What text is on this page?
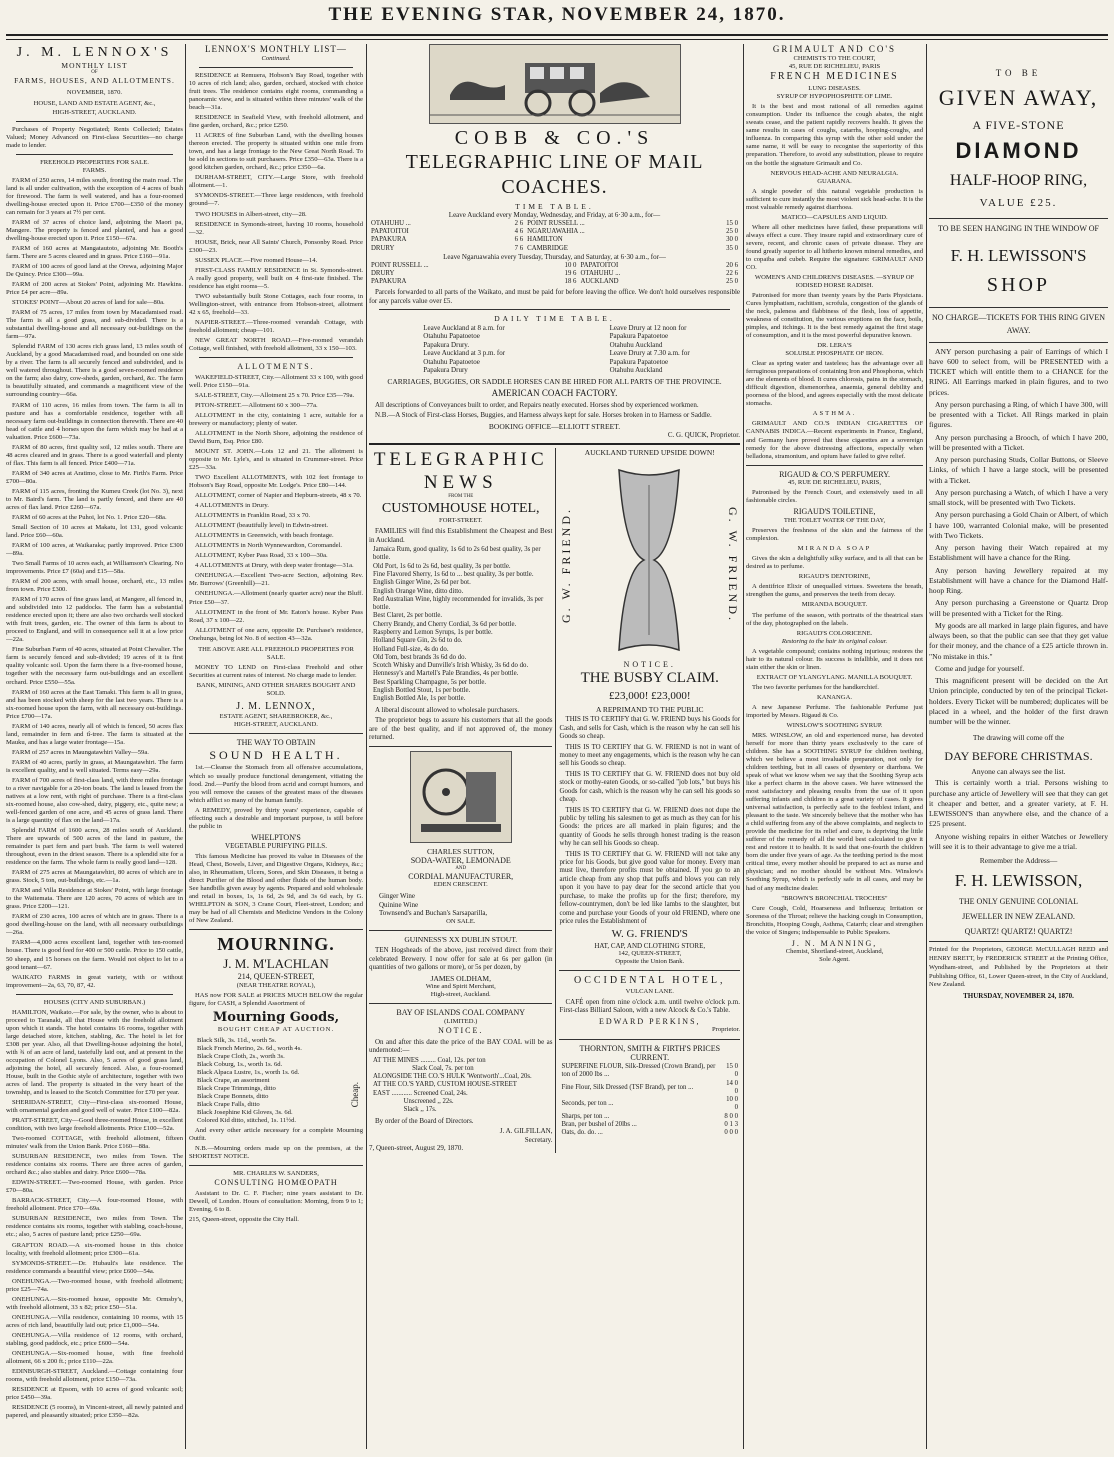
THE EVENING STAR, NOVEMBER 24, 1870.
J. M. LENNOX'S
MONTHLY LIST
OF
FARMS, HOUSES, AND ALLOTMENTS.
NOVEMBER, 1870.
HOUSE, LAND AND ESTATE AGENT, &c.,
HIGH-STREET, AUCKLAND.
Purchases of Property Negotiated; Rents Collected; Estates Valued; Money Advanced on First-class Securities—no charge made to lender.
FREEHOLD PROPERTIES FOR SALE.
FARMS.
FARM of 250 acres, 14 miles south, fronting the main road. The land is all under cultivation, with the exception of 4 acres of bush for firewood. The farm is well watered, and has a four-roomed dwelling-house erected upon it. Price £700—£350 of the money can remain for 3 years at 7½ per cent.
FARM of 37 acres of choice land, adjoining the Maori pa, Mangere. The property is fenced and planted, and has a good dwelling-house erected upon it. Price £150—67a.
FARM of 160 acres at Mangatautoto, adjoining Mr. Booth's farm. There are 5 acres cleared and in grass. Price £160—91a.
FARM of 100 acres of good land at the Orewa, adjoining Major De Quincy. Price £300—99a.
FARM of 200 acres at Stokes' Point, adjoining Mr. Hawkins. Price £4 per acre—89a.
STOKES' POINT—About 20 acres of land for sale—80a.
FARM of 75 acres, 17 miles from town by Macadamised road. The farm is all a good grass, and sub-divided. There is a substantial dwelling-house and all necessary out-buildings on the farm—97a.
Splendid FARM of 130 acres rich grass land, 13 miles south of Auckland, by a good Macadamised road, and bounded on one side by a river. The farm is all securely fenced and subdivided, and is well watered throughout. There is a good seven-roomed residence on the farm; also dairy, cow-sheds, garden, orchard, &c. The farm is beautifully situated, and commands a magnificent view of the surrounding country—66a.
FARM of 110 acres, 16 miles from town. The farm is all in pasture and has a comfortable residence, together with all necessary farm out-buildings in connection therewith. There are 40 head of cattle and 4 horses upon the farm which may be had at a valuation. Price £600—73a.
FARM of 80 acres, first quality soil, 12 miles south. There are 48 acres cleared and in grass. There is a good waterfall and plenty of flax. This farm is all fenced. Price £400—71a.
FARM of 340 acres at Aratimo, close to Mr. Firth's Farm. Price £700—80a.
FARM of 115 acres, fronting the Kumeu Creek (lot No. 3), next to Mr. Baird's farm. The land is partly fenced, and there are 40 acres of flax land. Price £260—67a.
FARM of 60 acres at the Puhoi, lot No. 1. Price £20—68a.
Small Section of 10 acres at Makatu, lot 131, good volcanic land. Price £60—60a.
FARM of 100 acres, at Waikaraka; partly improved. Price £300—89a.
Two Small Farms of 10 acres each, at Williamson's Clearing. No improvements. Price £7 (60a) and £15—58a.
FARM of 200 acres, with small house, orchard, etc., 13 miles from town. Price £300.
FARM of 170 acres of fine grass land, at Mangere, all fenced in, and subdivided into 12 paddocks. The farm has a substantial residence erected upon it; there are also two orchards well stocked with fruit trees, garden, etc. The owner of this farm is about to proceed to England, and will in consequence sell it at a low price—22a.
Fine Suburban Farm of 40 acres, situated at Point Chevalier. The farm is securely fenced and sub-divided; 19 acres of it is first quality volcanic soil. Upon the farm there is a five-roomed house, together with the necessary farm out-buildings and an excellent orchard. Price £550—55a.
FARM of 160 acres at the East Tamaki. This farm is all in grass, and has been stocked with sheep for the last two years. There is a six-roomed house upon the farm, with all necessary out-buildings. Price £700—17a.
FARM of 140 acres, nearly all of which is fenced, 50 acres flax land, remainder in fern and tî-tree. The farm is situated at the Mauku, and has a large water frontage—15a.
FARM of 257 acres in Maungatawhiri Valley—59a.
FARM of 40 acres, partly in grass, at Maungatawhiri. The farm is excellent quality, and is well situated. Terms easy—29a.
FARM of 700 acres of first-class land, with three miles frontage to a river navigable for a 20-ton boats. The land is leased from the natives at a low rent, with right of purchase. There is a first-class six-roomed house, also cow-shed, dairy, piggery, etc., quite new; a well-fenced garden of one acre, and 45 acres of grass land. There is a large quantity of flax on the land—17a.
Splendid FARM of 1600 acres, 28 miles south of Auckland. There are upwards of 500 acres of the land in pasture, the remainder is part fern and part bush. The farm is well watered throughout, even in the driest season. There is a splendid site for a residence on the farm. The whole farm is really good land—128.
FARM of 275 acres at Maungatawhiri, 80 acres of which are in grass. Stock, 5 ton, out-buildings, etc.—1a.
FARM and Villa Residence at Stokes' Point, with large frontage to the Waitemata. There are 120 acres, 70 acres of which are in grass. Price £200—121.
FARM of 230 acres, 100 acres of which are in grass. There is a good dwelling-house on the land, with all necessary outbuildings—26a.
FARM—4,000 acres excellent land, together with ten-roomed house. There is good feed for 400 or 500 cattle. Price to 150 cattle, 50 sheep, and 15 horses on the farm. Would not object to let to a good tenant—67.
WAIKATO FARMS in great variety, with or without improvement—2a, 63, 70, 87, 42.
HOUSES (CITY AND SUBURBAN.)
HAMILTON, Waikato.—For sale, by the owner, who is about to proceed to Taranaki, all that House with the freehold allotment upon which it stands. The hotel contains 16 rooms, together with large detached store, kitchen, stabling, &c. The hotel is let for £308 per year. Also, all that Dwelling-house adjoining the hotel, with ¾ of an acre of land, tastefully laid out, and at present in the occupation of Colonel Lyons. Also, 5 acres of good grass land, adjoining the hotel, all securely fenced. Also, a four-roomed House, built in the Gothic style of architecture, together with two acres of land. The property is situated in the very heart of the township, and is leased to the Scotch Committee for £70 per year.
SHERIDAN-STREET, City—First-class six-roomed House, with ornamental garden and good well of water. Price £100—82a.
PRATT-STREET, City—Good three-roomed House, in excellent condition, with two large freehold allotments. Price £100—52a.
Two-roomed COTTAGE, with freehold allotment, fifteen minutes' walk from the Union Bank. Price £160—88a.
SUBURBAN RESIDENCE, two miles from Town. The residence contains six rooms. There are three acres of garden, orchard &c.; also stables and dairy. Price £600—78a.
EDWIN-STREET.—Two-roomed House, with garden. Price £70—80a.
BARRACK-STREET, City.—A four-roomed House, with freehold allotment. Price £70—69a.
SUBURBAN RESIDENCE, two miles from Town. The residence contains six rooms, together with stabling, coach-house, etc.; also, 5 acres of pasture land; price £250—69a.
GRAFTON ROAD.—A six-roomed house in this choice locality, with freehold allotment; price £300—61a.
SYMONDS-STREET.—Dr. Hubault's late residence. The residence commands a beautiful view; price £600—54a.
ONEHUNGA.—Two-roomed house, with freehold allotment; price £25—74a.
ONEHUNGA.—Six-roomed house, opposite Mr. Ormsby's, with freehold allotment, 33 x 82; price £50—51a.
ONEHUNGA.—Villa residence, containing 10 rooms, with 15 acres of rich land, beautifully laid out; price £1,000—54a.
ONEHUNGA.—Villa residence of 12 rooms, with orchard, stabling, good paddock, etc.; price £600—54a.
ONEHUNGA.—Six-roomed house, with fine freehold allotment, 66 x 200 ft.; price £110—22a.
EDINBURGH-STREET, Auckland.—Cottage containing four rooms, with freehold allotment, price £150—73a.
RESIDENCE at Epsom, with 10 acres of good volcanic soil; price £450—39a.
RESIDENCE (5 rooms), in Vincent-street, all newly painted and papered, and pleasantly situated; price £350—82a.
LENNOX'S MONTHLY LIST—
Continued.
RESIDENCE at Remuera, Hobson's Bay Road, together with 10 acres of rich land; also, garden, orchard, stocked with choice fruit trees. The residence contains eight rooms, commanding a panoramic view, and is situated within three minutes' walk of the beach—31a.
RESIDENCE in Seafield View, with freehold allotment, and fine garden, orchard, &c.; price £250.
11 ACRES of fine Suburban Land, with the dwelling houses thereon erected. The property is situated within one mile from town, and has a large frontage to the New Great North Road. To be sold in sections to suit purchasers. Price £350—63a. There is a good kitchen garden, orchard, &c.; price £350—6a.
DURHAM-STREET, CITY.—Large Store, with freehold allotment.—1.
SYMONDS-STREET.—Three large residences, with freehold ground—7.
TWO HOUSES in Albert-street, city—28.
RESIDENCE in Symonds-street, having 10 rooms, household—32.
HOUSE, Brick, near All Saints' Church, Ponsonby Road. Price £300—23.
SUSSEX PLACE.—Five roomed House—14.
FIRST-CLASS FAMILY RESIDENCE in St. Symonds-street. A really good property, well built on 4 first-rate finished. The residence has eight rooms—5.
TWO substantially built Stone Cottages, each four rooms, in Wellington-street, with entrance from Hobson-street, allotment 42 x 65, freehold—33.
NAPIER-STREET.—Three-roomed verandah Cottage, with freehold allotment; cheap—101.
NEW GREAT NORTH ROAD.—Five-roomed verandah Cottage, well finished, with freehold allotment, 33 x 150—103.
ALLOTMENTS.
WAKEFIELD-STREET, City.—Allotment 33 x 100, with good well. Price £150—91a.
SALE-STREET, City.—Allotment 25 x 70. Price £35—79a.
PITON-STREET.—Allotment 60 x 300—77a.
ALLOTMENT in the city, containing 1 acre, suitable for a brewery or manufactory; plenty of water.
ALLOTMENT in the North Shore, adjoining the residence of David Burn, Esq. Price £80.
MOUNT ST. JOHN.—Lots 12 and 21. The allotment is opposite to Mr. Lyle's, and is situated in Crummer-street. Price £25—33a.
TWO Excellent ALLOTMENTS, with 102 feet frontage to Hobson's Bay Road, opposite Mr. Lodge's. Price £80—144.
ALLOTMENT, corner of Napier and Hepburn-streets, 48 x 70.
4 ALLOTMENTS in Drury.
ALLOTMENTS in Franklin Road, 33 x 70.
ALLOTMENT (beautifully level) in Edwin-street.
ALLOTMENTS in Greenwich, with beach frontage.
ALLOTMENTS in North Wynnewardton, Coromandel.
ALLOTMENT, Kyber Pass Road, 33 x 100—30a.
4 ALLOTMENTS at Drury, with deep water frontage—31a.
ONEHUNGA.—Excellent Two-acre Section, adjoining Rev. Mr. Burrows' (Greenhill)—21.
ONEHUNGA.—Allotment (nearly quarter acre) near the Bluff. Price £50—37.
ALLOTMENT in the front of Mr. Eaton's house. Kyber Pass Road, 37 x 100—22.
ALLOTMENT of one acre, opposite Dr. Purchase's residence, Onehunga, being lot No. 8 of section 43—32a.
THE ABOVE ARE ALL FREEHOLD PROPERTIES FOR SALE.
MONEY TO LEND on First-class Freehold and other Securities at current rates of interest. No charge made to lender.
BANK, MINING, AND OTHER SHARES BOUGHT AND SOLD.
J. M. LENNOX,
ESTATE AGENT, SHAREBROKER, &c.,
HIGH-STREET, AUCKLAND.
THE WAY TO OBTAIN
SOUND HEALTH.
1st.—Cleanse the Stomach from all offensive accumulations, which so usually produce functional derangement, vitiating the food. 2nd.—Purify the blood from acrid and corrupt humors, and you will remove the causes of the greatest mass of the diseases which afflict so many of the human family.
A REMEDY, proved by thirty years' experience, capable of effecting such a desirable and important purpose, is still before the public in
WHELPTON'S
VEGETABLE PURIFYING PILLS.
This famous Medicine has proved its value in Diseases of the Head, Chest, Bowels, Liver, and Digestive Organs, Kidneys, &c.; also, in Rheumatism, Ulcers, Sores, and Skin Diseases, it being a direct Purifier of the Blood and other fluids of the human body. See handbills given away by agents. Prepared and sold wholesale and retail in boxes, 1s, 1s 6d, 2s 9d, and 3s 6d each, by G. WHELPTON & SON, 3 Crane Court, Fleet-street, London; and may be had of all Chemists and Medicine Vendors in the Colony of New Zealand.
MOURNING.
J. M. M'LACHLAN
214, QUEEN-STREET,
(NEAR THEATRE ROYAL),
HAS now FOR SALE at PRICES MUCH BELOW the regular figure, for CASH, a Splendid Assortment of
Mourning Goods,
BOUGHT CHEAP AT AUCTION.
Black Silk, 3s. 11d., worth 5s.
Black French Merino, 2s. 6d., worth 4s.
Black Crape Cloth, 2s., worth 3s.
Black Coburg, 1s., worth 1s. 6d.
Black Alpaca Lustre, 1s., worth 1s. 6d.
Black Crape, an assortment
Black Crape Trimmings, ditto
Black Crape Bonnets, ditto
Black Crape Falls, ditto
Black Josephine Kid Gloves, 3s. 6d.
Colored Kid ditto, stitched, 1s. 11½d.
Cheap.
And every other article necessary for a complete Mourning Outfit.
N.B.—Mourning orders made up on the premises, at the SHORTEST NOTICE.
MR. CHARLES W. SANDERS,
CONSULTING HOMŒOPATH
Assistant to Dr. C. F. Fischer; nine years assistant to Dr. Dewell, of London. Hours of consultation: Morning, from 9 to 1; Evening, 6 to 8.
215, Queen-street, opposite the City Hall.
COBB & CO.'S
TELEGRAPHIC LINE OF MAIL COACHES.
TIME TABLE.
Leave Auckland every Monday, Wednesday, and Friday, at 6·30 a.m., for—
OTAHUHU ...	2 6	POINT RUSSELL ...	15 0
PAPATOITOI	4 6	NGARUAWAHIA ...	25 0
PAPAKURA	6 6	HAMILTON	30 0
DRURY	7 6	CAMBRIDGE	35 0
Leave Ngaruawahia every Tuesday, Thursday, and Saturday, at 6·30 a.m., for—
POINT RUSSELL ...	10 0	PAPATOITOI	20 6
DRURY	19 6	OTAHUHU ...	22 6
PAPAKURA	18 6	AUCKLAND	25 0
Parcels forwarded to all parts of the Waikato, and must be paid for before leaving the office. We don't hold ourselves responsible for any parcels value over £5.
DAILY TIME TABLE.
Leave Auckland at 8 a.m. for
Otahuhu Papatoetoe
Papakura Drury.
Leave Auckland at 3 p.m. for
Otahuhu Papatoetoe
Papakura Drury
Leave Drury at 12 noon for
Papakura Papatoetoe
Otahuhu Auckland
Leave Drury at 7.30 a.m. for
Papakura Papatoetoe
Otahuhu Auckland
CARRIAGES, BUGGIES, OR SADDLE HORSES CAN BE HIRED FOR ALL PARTS OF THE PROVINCE.
AMERICAN COACH FACTORY.
All descriptions of Conveyances built to order, and Repairs neatly executed. Horses shod by experienced workmen.
N.B.—A Stock of First-class Horses, Buggies, and Harness always kept for sale. Horses broken in to Harness or Saddle.
BOOKING OFFICE—ELLIOTT STREET.
C. G. QUICK, Proprietor.
TELEGRAPHIC
NEWS
FROM THE
CUSTOMHOUSE HOTEL,
FORT-STREET.
FAMILIES will find this Establishment the Cheapest and Best in Auckland.
Jamaica Rum, good quality, 1s 6d to 2s 6d best quality, 3s per bottle.
Old Port, 1s 6d to 2s 6d, best quality, 3s per bottle.
Fine Flavored Sherry, 1s 6d to ... best quality, 3s per bottle.
English Ginger Wine, 2s 6d per bot.
English Orange Wine, ditto ditto.
Red Australian Wine, highly recommended for invalids, 3s per bottle.
Best Claret, 2s per bottle.
Cherry Brandy, and Cherry Cordial, 3s 6d per bottle.
Raspberry and Lemon Syrups, 1s per bottle.
Holland Square Gin, 2s 6d to do.
Holland Full-size, 4s do do.
Old Tom, best brands 3s 6d do do.
Scotch Whisky and Dunville's Irish Whisky, 3s 6d do do.
Hennessy's and Martell's Pale Brandies, 4s per bottle.
Best Sparkling Champagne, 5s per bottle.
English Bottled Stout, 1s per bottle.
English Bottled Ale, 1s per bottle.
A liberal discount allowed to wholesale purchasers.
The proprietor begs to assure his customers that all the goods are of the best quality, and if not approved of, the money returned.
CHARLES SUTTON,
SODA-WATER, LEMONADE
AND
CORDIAL MANUFACTURER,
EDEN CRESCENT.
Ginger Wine
Quinine Wine
Townsend's and Buchan's Sarsaparilla,
ON SALE.
GUINNESS'S XX DUBLIN STOUT.
TEN Hogsheads of the above, just received direct from their celebrated Brewery. I now offer for sale at 6s per gallon (in quantities of two gallons or more), or 5s per dozen, by
JAMES OLDHAM,
Wine and Spirit Merchant,
High-street, Auckland.
BAY OF ISLANDS COAL COMPANY
(LIMITED.)
NOTICE.
On and after this date the price of the BAY COAL will be as undernoted:—
AT THE MINES ......... Coal, 12s. per ton
Slack Coal, 7s. per ton
ALONGSIDE THE CO.'S HULK 'Wentworth'...Coal, 20s.
AT THE CO.'S YARD, CUSTOM HOUSE-STREET
EAST ............ Screened Coal, 24s.
Unscreened ,, 22s.
Slack ,, 17s.
By order of the Board of Directors.
J. A. GILFILLAN,
Secretary.
7, Queen-street, August 29, 1870.
AUCKLAND TURNED UPSIDE DOWN!
G. W. FRIEND.	G. W. FRIEND.
NOTICE.
THE BUSBY CLAIM.
£23,000! £23,000!
A REPRIMAND TO THE PUBLIC
THIS IS TO CERTIFY that G. W. FRIEND buys his Goods for Cash, and sells for Cash, which is the reason why he can sell his Goods so cheap.
THIS IS TO CERTIFY that G. W. FRIEND is not in want of money to meet any engagements, which is the reason why he can sell his Goods so cheap.
THIS IS TO CERTIFY that G. W. FRIEND does not buy old stock or mothy-eaten Goods, or so-called "job lots," but buys his Goods for cash, which is the reason why he can sell his goods so cheap.
THIS IS TO CERTIFY that G. W. FRIEND does not dupe the public by telling his salesmen to get as much as they can for his Goods: the prices are all marked in plain figures; and the quantity of Goods he sells through honest trading is the reason why he can sell his Goods so cheap.
THIS IS TO CERTIFY that G. W. FRIEND will not take any price for his Goods, but give good value for money. Every man must live, therefore profits must be obtained. If you go to an article cheap from any shop that puffs and blows you can rely upon it you have to pay dear for the second article that you purchase, to make the profits up for the first; therefore, my fellow-countrymen, don't be led like lambs to the slaughter, but come and purchase your Goods of your old FRIEND, where one price rules the Establishment of
W. G. FRIEND'S
HAT, CAP, AND CLOTHING STORE,
142, QUEEN-STREET,
Opposite the Union Bank.
OCCIDENTAL HOTEL,
VULCAN LANE.
CAFÉ open from nine o'clock a.m. until twelve o'clock p.m. First-class Billiard Saloon, with a new Alcock & Co.'s Table.
EDWARD PERKINS,
Proprietor.
THORNTON, SMITH & FIRTH'S PRICES CURRENT.
SUPERFINE FLOUR, Silk-Dressed (Crown Brand), per ton of 2000 lbs ...	15 0 0
Fine Flour, Silk Dressed (TSF Brand), per ton ...	14 0 0
Seconds, per ton ...	10 0 0
Sharps, per ton ...	8 0 0
Bran, per bushel of 20lbs ...	0 1 3
Oats, do. do. ...	0 0 0
GRIMAULT AND CO'S
CHEMISTS TO THE COURT,
45, RUE DE RICHELIEU, PARIS
FRENCH MEDICINES
LUNG DISEASES.
SYRUP OF HYPOPHOSPHITE OF LIME.
It is the best and most rational of all remedies against consumption. Under its influence the cough abates, the night sweats cease, and the patient rapidly recovers health. It gives the same results in cases of coughs, catarrhs, hooping-coughs, and influenza. In comparing this syrup with the other sold under the same name, it will be easy to recognise the superiority of this preparation. Therefore, to avoid any substitution, please to require on the bottle the signature Grimault and Co.
NERVOUS HEAD-ACHE AND NEURALGIA.
GUARANA.
A single powder of this natural vegetable production is sufficient to cure instantly the most violent sick head-ache. It is the most valuable remedy against diarrhoea.
MATICO—CAPSULES AND LIQUID.
Where all other medicines have failed, these preparations will always effect a cure. They insure rapid and extraordinary cure of severe, recent, and chronic cases of private disease. They are found greatly superior to all hitherto known mineral remedies, and to copaiba and cubeb. Require the signature: GRIMAULT AND CO.
WOMEN'S AND CHILDREN'S DISEASES. —SYRUP OF IODISED HORSE RADISH.
Patronised for more than twenty years by the Paris Physicians. Cures lymphatism, rachitism, scrofula, congestion of the glands of the neck, paleness and flabbiness of the flesh, loss of appetite, weakness of constitution, the various eruptions on the face, boils, pimples, and itchings. It is the best remedy against the first stage of consumption, and it is the most powerful depurative known.
DR. LERA'S
SOLUBLE PHOSPHATE OF IRON.
Clear as spring water and tasteless; has the advantage over all ferruginous preparations of containing Iron and Phosphorus, which are the elements of blood. It cures chlorosis, pains in the stomach, difficult digestion, dismenorrhea, anaemia, general debility and poorness of the blood, and agrees especially with the most delicate stomachs.
ASTHMA.
GRIMAULT AND CO.'S INDIAN CIGARETTES OF CANNABIS INDICA.—Recent experiments in France, England, and Germany have proved that these cigarettes are a sovereign remedy for the above distressing affections, especially when belladona, stramonium, and opium have failed to give relief.
RIGAUD & CO.'S PERFUMERY.
45, RUE DE RICHELIEU, PARIS,
Patronised by the French Court, and extensively used in all fashionable circles.
RIGAUD'S TOILETINE,
THE TOILET WATER OF THE DAY,
Preserves the freshness of the skin and the fairness of the complexion.
MIRANDA SOAP
Gives the skin a delightfully silky surface, and is all that can be desired as to perfume.
RIGAUD'S DENTORINE,
A dentifrice Elixir of unequalled virtues. Sweetens the breath, strengthen the gums, and preserves the teeth from decay.
MIRANDA BOUQUET.
The perfume of the season, with portraits of the theatrical stars of the day, photographed on the labels.
RIGAUD'S COLORICENE.
Restoring to the hair its original colour.
A vegetable compound; contains nothing injurious; restores the hair to its natural colour. Its success is infallible, and it does not stain either the skin or linen.
EXTRACT OF YLANGYLANG. MANILLA BOUQUET.
The two favorite perfumes for the handkerchief.
KANANGA.
A new Japanese Perfume. The fashionable Perfume just imported by Messrs. Rigaud & Co.
WINSLOW'S SOOTHING SYRUP.
MRS. WINSLOW, an old and experienced nurse, has devoted herself for more than thirty years exclusively to the care of children. She has a SOOTHING SYRUP for children teething, which we believe a most invaluable preparation, not only for children teething, but in all cases of dysentery or diarrhœa. We speak of what we know when we say that the Soothing Syrup acts like a perfect charm in the above cases. We have witnessed the most satisfactory and pleasing results from the use of it upon suffering infants and children in a great variety of cases. It gives universal satisfaction, is perfectly safe to the feeblest infant, and pleasant to the taste. We sincerely believe that the mother who has a child suffering from any of the above complaints, and neglects to provide the medicine for its relief and cure, is depriving the little sufferer of the remedy of all the world best calculated to give it rest and restore it to health. It is said that one-fourth the children born die under five years of age. As the teething period is the most critical time, every mother should be prepared to act as nurse and physician; and no mother should be without Mrs. Winslow's Soothing Syrup, which is perfectly safe in all cases, and may be had of any medicine dealer.
"BROWN'S BRONCHIAL TROCHES"
Cure Cough, Cold, Hoarseness and Influenza; Irritation or Soreness of the Throat; relieve the hacking cough in Consumption, Bronchitis, Hooping Cough, Asthma, Catarrh; clear and strengthen the voice of Singers; indispensable to Public Speakers.
J. N. MANNING,
Chemist, Shortland-street, Auckland,
Sole Agent.
TO BE
GIVEN AWAY,
A FIVE-STONE
DIAMOND
HALF-HOOP RING,
VALUE £25.
TO BE SEEN HANGING IN THE WINDOW OF
F. H. LEWISSON'S
SHOP
NO CHARGE—TICKETS FOR THIS RING GIVEN AWAY.
ANY person purchasing a pair of Earrings of which I have 600 to select from, will be PRESENTED with a TICKET which will entitle them to a CHANCE for the RING. All Earrings marked in plain figures, and to two prices.
Any person purchasing a Ring, of which I have 300, will be presented with a Ticket. All Rings marked in plain figures.
Any person purchasing a Brooch, of which I have 200, will be presented with a Ticket.
Any person purchasing Studs, Collar Buttons, or Sleeve Links, of which I have a large stock, will be presented with a Ticket.
Any person purchasing a Watch, of which I have a very small stock, will be presented with Two Tickets.
Any person purchasing a Gold Chain or Albert, of which I have 100, warranted Colonial make, will be presented with Two Tickets.
Any person having their Watch repaired at my Establishment will have a chance for the Ring.
Any person having Jewellery repaired at my Establishment will have a chance for the Diamond Half-hoop Ring.
Any person purchasing a Greenstone or Quartz Drop will be presented with a Ticket for the Ring.
My goods are all marked in large plain figures, and have always been, so that the public can see that they get value for their money, and the chance of a £25 article thrown in. "No mistake in this."
Come and judge for yourself.
This magnificent present will be decided on the Art Union principle, conducted by ten of the principal Ticket-holders. Every Ticket will be numbered; duplicates will be placed in a wheel, and the holder of the first drawn number will be the winner.
The drawing will come off the
DAY BEFORE CHRISTMAS.
Anyone can always see the list.
This is certainly worth a trial. Persons wishing to purchase any article of Jewellery will see that they can get it cheaper and better, and a greater variety, at F. H. LEWISSON'S than anywhere else, and the chance of a £25 present.
Anyone wishing repairs in either Watches or Jewellery will see it is to their advantage to give me a trial.
Remember the Address—
F. H. LEWISSON,
THE ONLY GENUINE COLONIAL
JEWELLER IN NEW ZEALAND.
QUARTZ! QUARTZ! QUARTZ!
Printed for the Proprietors, GEORGE McCULLAGH REED and HENRY BRETT, by FREDERICK STREET at the Printing Office, Wyndham-street, and Published by the Proprietors at their Publishing Office, 61, Lower Queen-street, in the City of Auckland, New Zealand.
THURSDAY, NOVEMBER 24, 1870.
